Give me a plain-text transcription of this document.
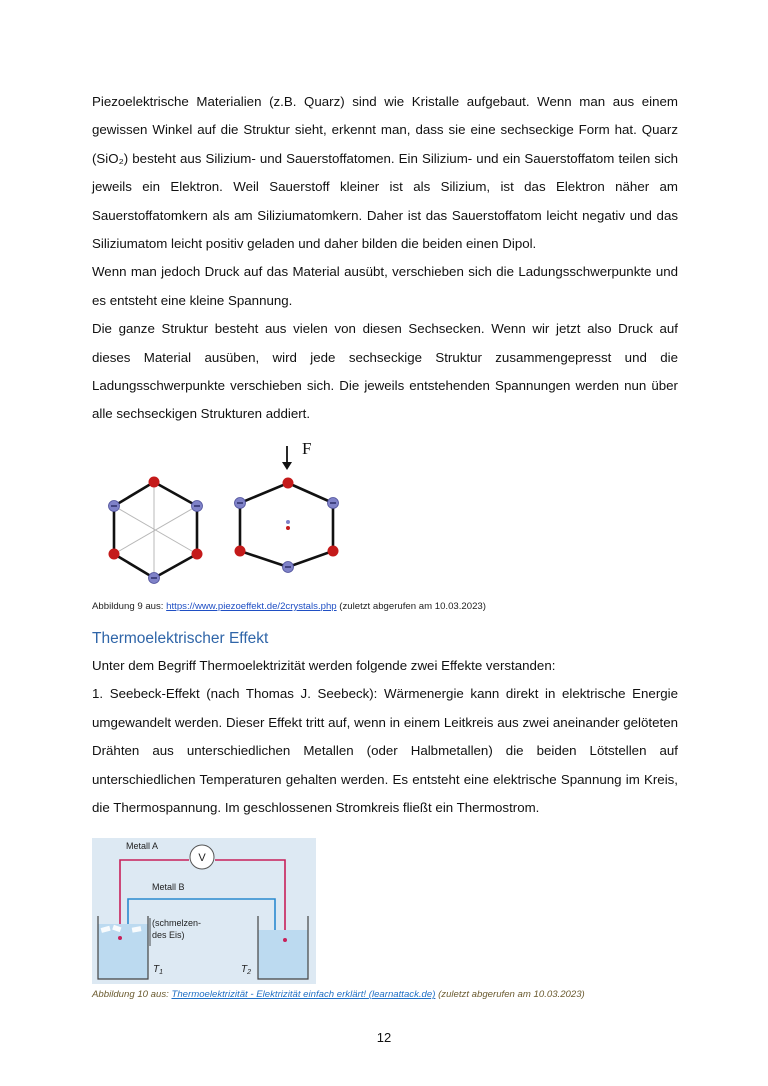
Piezoelektrische Materialien (z.B. Quarz) sind wie Kristalle aufgebaut. Wenn man aus einem gewissen Winkel auf die Struktur sieht, erkennt man, dass sie eine sechseckige Form hat. Quarz (SiO₂) besteht aus Silizium- und Sauerstoffatomen. Ein Silizium- und ein Sauerstoffatom teilen sich jeweils ein Elektron. Weil Sauerstoff kleiner ist als Silizium, ist das Elektron näher am Sauerstoffatomkern als am Siliziumatomkern. Daher ist das Sauerstoffatom leicht negativ und das Siliziumatom leicht positiv geladen und daher bilden die beiden einen Dipol.

Wenn man jedoch Druck auf das Material ausübt, verschieben sich die Ladungsschwerpunkte und es entsteht eine kleine Spannung.

Die ganze Struktur besteht aus vielen von diesen Sechsecken. Wenn wir jetzt also Druck auf dieses Material ausüben, wird jede sechseckige Struktur zusammengepresst und die Ladungsschwerpunkte verschieben sich. Die jeweils entstehenden Spannungen werden nun über alle sechseckigen Strukturen addiert.

F
Abbildung 9 aus: https://www.piezoeffekt.de/2crystals.php (zuletzt abgerufen am 10.03.2023)
Thermoelektrischer Effekt

Unter dem Begriff Thermoelektrizität werden folgende zwei Effekte verstanden:

1. Seebeck-Effekt (nach Thomas J. Seebeck): Wärmenergie kann direkt in elektrische Energie umgewandelt werden. Dieser Effekt tritt auf, wenn in einem Leitkreis aus zwei aneinander gelöteten Drähten aus unterschiedlichen Metallen (oder Halbmetallen) die beiden Lötstellen auf unterschiedlichen Temperaturen gehalten werden. Es entsteht eine elektrische Spannung im Kreis, die Thermospannung. Im geschlossenen Stromkreis fließt ein Thermostrom.

Metall A
Metall B
V
(schmelzen-
des Eis)
$T_1$	$T_2$
Abbildung 10 aus: Thermoelektrizität - Elektrizität einfach erklärt! (learnattack.de) (zuletzt abgerufen am 10.03.2023)
12
